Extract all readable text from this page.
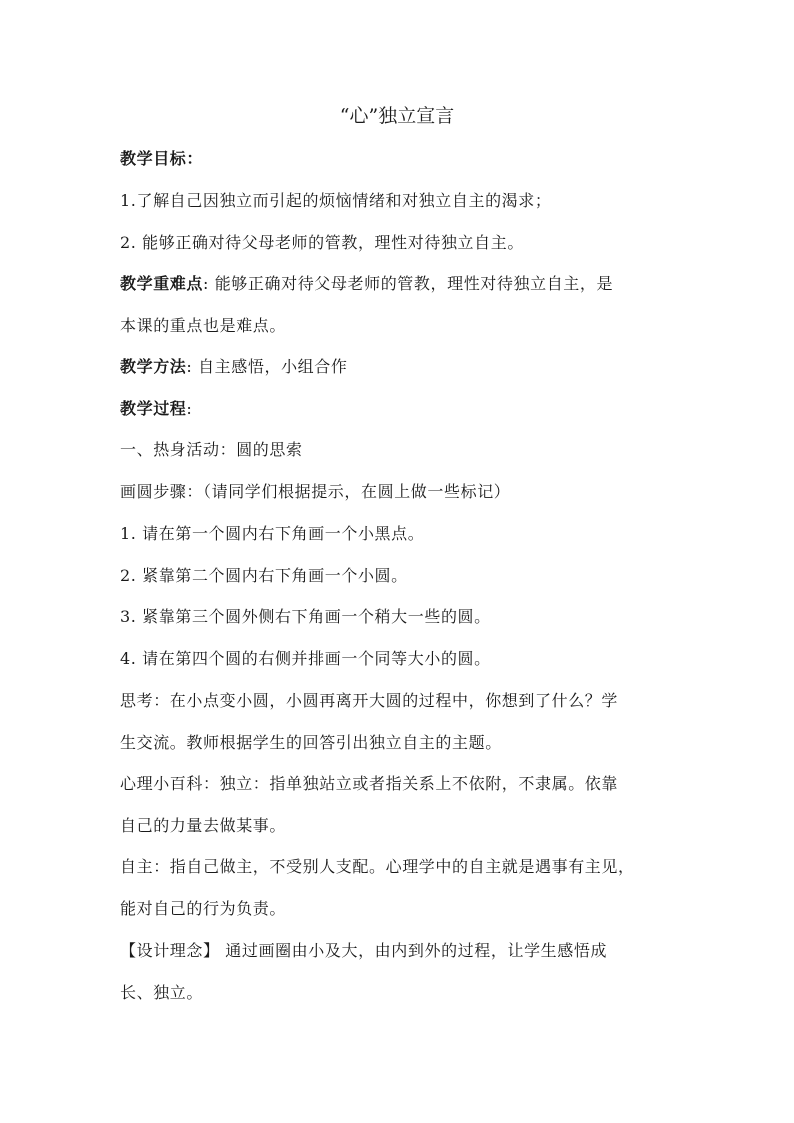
“心”独立宣言
教学目标：
1.了解自己因独立而引起的烦恼情绪和对独立自主的渴求；
2. 能够正确对待父母老师的管教，理性对待独立自主。
教学重难点: 能够正确对待父母老师的管教，理性对待独立自主，是
本课的重点也是难点。
教学方法: 自主感悟，小组合作
教学过程:
一、热身活动：圆的思索
画圆步骤：（请同学们根据提示，在圆上做一些标记）
1. 请在第一个圆内右下角画一个小黑点。
2. 紧靠第二个圆内右下角画一个小圆。
3. 紧靠第三个圆外侧右下角画一个稍大一些的圆。
4. 请在第四个圆的右侧并排画一个同等大小的圆。
思考：在小点变小圆，小圆再离开大圆的过程中，你想到了什么？学
生交流。教师根据学生的回答引出独立自主的主题。
心理小百科：独立：指单独站立或者指关系上不依附，不隶属。依靠
自己的力量去做某事。
自主：指自己做主，不受别人支配。心理学中的自主就是遇事有主见，
能对自己的行为负责。
【设计理念】 通过画圈由小及大，由内到外的过程，让学生感悟成
长、独立。
